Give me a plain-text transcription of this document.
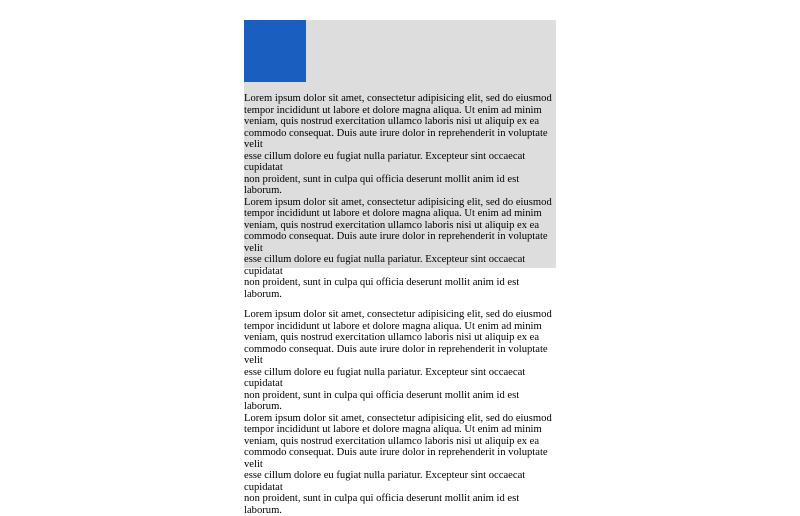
Lorem ipsum dolor sit amet, consectetur adipisicing elit, sed do eiusmod
tempor incididunt ut labore et dolore magna aliqua. Ut enim ad minim
veniam, quis nostrud exercitation ullamco laboris nisi ut aliquip ex ea
commodo consequat. Duis aute irure dolor in reprehenderit in voluptate velit
esse cillum dolore eu fugiat nulla pariatur. Excepteur sint occaecat cupidatat
non proident, sunt in culpa qui officia deserunt mollit anim id est laborum.
Lorem ipsum dolor sit amet, consectetur adipisicing elit, sed do eiusmod
tempor incididunt ut labore et dolore magna aliqua. Ut enim ad minim
veniam, quis nostrud exercitation ullamco laboris nisi ut aliquip ex ea
commodo consequat. Duis aute irure dolor in reprehenderit in voluptate velit
esse cillum dolore eu fugiat nulla pariatur. Excepteur sint occaecat cupidatat
non proident, sunt in culpa qui officia deserunt mollit anim id est laborum.

Lorem ipsum dolor sit amet, consectetur adipisicing elit, sed do eiusmod
tempor incididunt ut labore et dolore magna aliqua. Ut enim ad minim
veniam, quis nostrud exercitation ullamco laboris nisi ut aliquip ex ea
commodo consequat. Duis aute irure dolor in reprehenderit in voluptate velit
esse cillum dolore eu fugiat nulla pariatur. Excepteur sint occaecat cupidatat
non proident, sunt in culpa qui officia deserunt mollit anim id est laborum.
Lorem ipsum dolor sit amet, consectetur adipisicing elit, sed do eiusmod
tempor incididunt ut labore et dolore magna aliqua. Ut enim ad minim
veniam, quis nostrud exercitation ullamco laboris nisi ut aliquip ex ea
commodo consequat. Duis aute irure dolor in reprehenderit in voluptate velit
esse cillum dolore eu fugiat nulla pariatur. Excepteur sint occaecat cupidatat
non proident, sunt in culpa qui officia deserunt mollit anim id est laborum.
